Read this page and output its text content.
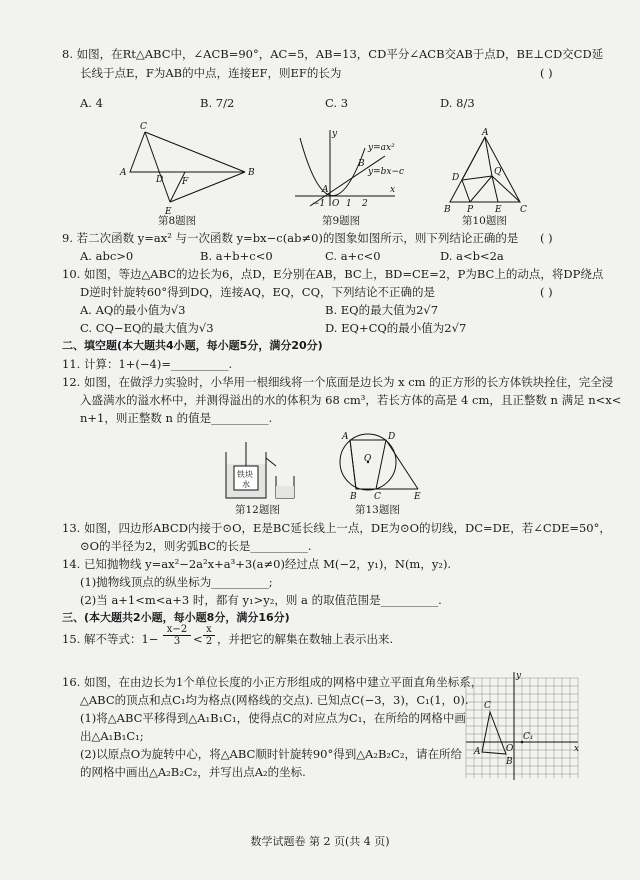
8. 如图，在Rt△ABC中，∠ACB=90°，AC=5，AB=13，CD平分∠ACB交AB于点D，BE⊥CD交CD延
长线于点E，F为AB的中点，连接EF，则EF的长为	( )
A. 4	B. 7/2	C. 3	D. 8/3
C
A
D F
B
E
y
y=ax²
B
y=bx−c
A
−1 O 1 2
x
A
D
Q
B P E C
第8题图	第9题图	第10题图
9. 若二次函数 y=ax² 与一次函数 y=bx−c(ab≠0)的图象如图所示，则下列结论正确的是 ( )
A. abc>0	B. a+b+c<0	C. a+c<0	D. a<b<2a
10. 如图，等边△ABC的边长为6，点D，E分别在AB，BC上，BD=CE=2，P为BC上的动点，将DP绕点
D逆时针旋转60°得到DQ，连接AQ，EQ，CQ，下列结论不正确的是	( )
A. AQ的最小值为√3	B. EQ的最大值为2√7
C. CQ−EQ的最大值为√3	D. EQ+CQ的最小值为2√7
二、填空题(本大题共4小题，每小题5分，满分20分)
11. 计算：1+(−4)=__________.
12. 如图，在做浮力实验时，小华用一根细线将一个底面是边长为 x cm 的正方形的长方体铁块拴住，完全浸
入盛满水的溢水杯中，并测得溢出的水的体积为 68 cm³，若长方体的高是 4 cm，且正整数 n 满足 n<x<
n+1，则正整数 n 的值是__________.
铁块
水
A	D
O
B C	E
第12题图	第13题图
13. 如图，四边形ABCD内接于⊙O，E是BC延长线上一点，DE为⊙O的切线，DC=DE，若∠CDE=50°，
⊙O的半径为2，则劣弧BC的长是__________.
14. 已知抛物线 y=ax²−2a²x+a³+3(a≠0)经过点 M(−2，y₁)，N(m，y₂).
(1)抛物线顶点的纵坐标为__________;
(2)当 a+1<m<a+3 时，都有 y₁>y₂，则 a 的取值范围是__________.
三、(本大题共2小题，每小题8分，满分16分)
15. 解不等式：$1- \frac{x-2}{3} < \frac{x}{2}$ ，并把它的解集在数轴上表示出来.
16. 如图，在由边长为1个单位长度的小正方形组成的网格中建立平面直角坐标系，
△ABC的顶点和点C₁均为格点(网格线的交点). 已知点C(−3，3)，C₁(1，0).
(1)将△ABC平移得到△A₁B₁C₁，使得点C的对应点为C₁，在所给的网格中画
出△A₁B₁C₁;
(2)以原点O为旋转中心，将△ABC顺时针旋转90°得到△A₂B₂C₂，请在所给
的网格中画出△A₂B₂C₂，并写出点A₂的坐标.
y
C
A	O
C₁
x
B
数学试题卷 第 2 页(共 4 页)
